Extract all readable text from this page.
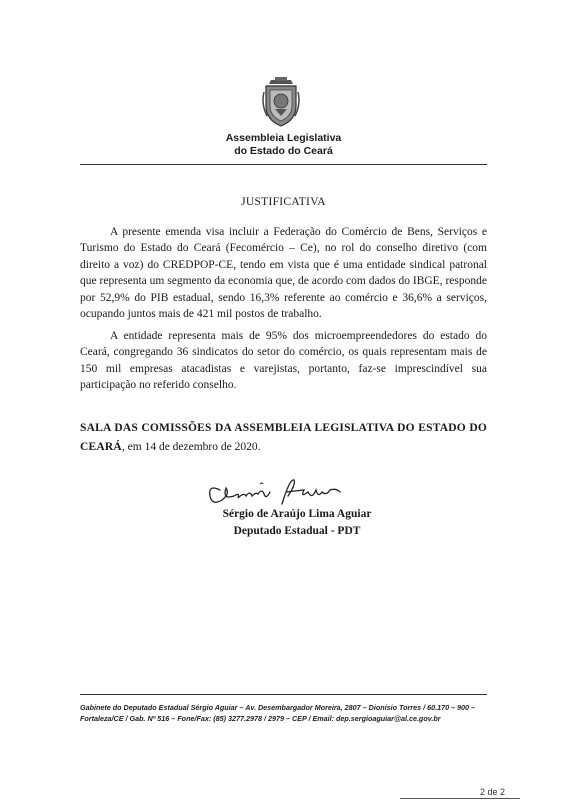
Assembleia Legislativa
do Estado do Ceará
JUSTIFICATIVA

A presente emenda visa incluir a Federação do Comércio de Bens, Serviços e Turismo do Estado do Ceará (Fecomércio – Ce), no rol do conselho diretivo (com direito a voz) do CREDPOP-CE, tendo em vista que é uma entidade sindical patronal que representa um segmento da economia que, de acordo com dados do IBGE, responde por 52,9% do PIB estadual, sendo 16,3% referente ao comércio e 36,6% a serviços, ocupando juntos mais de 421 mil postos de trabalho.

A entidade representa mais de 95% dos microempreendedores do estado do Ceará, congregando 36 sindicatos do setor do comércio, os quais representam mais de 150 mil empresas atacadistas e varejistas, portanto, faz-se imprescindível sua participação no referido conselho.

SALA DAS COMISSÕES DA ASSEMBLEIA LEGISLATIVA DO ESTADO DO CEARÁ, em 14 de dezembro de 2020.

Sérgio de Araújo Lima Aguiar
Deputado Estadual - PDT

Gabinete do Deputado Estadual Sérgio Aguiar – Av. Desembargador Moreira, 2807 – Dionísio Torres / 60.170 – 900 – Fortaleza/CE / Gab. Nº 516 – Fone/Fax: (85) 3277.2978 / 2979 – CEP / Email: dep.sergioaguiar@al.ce.gov.br

2 de 2
